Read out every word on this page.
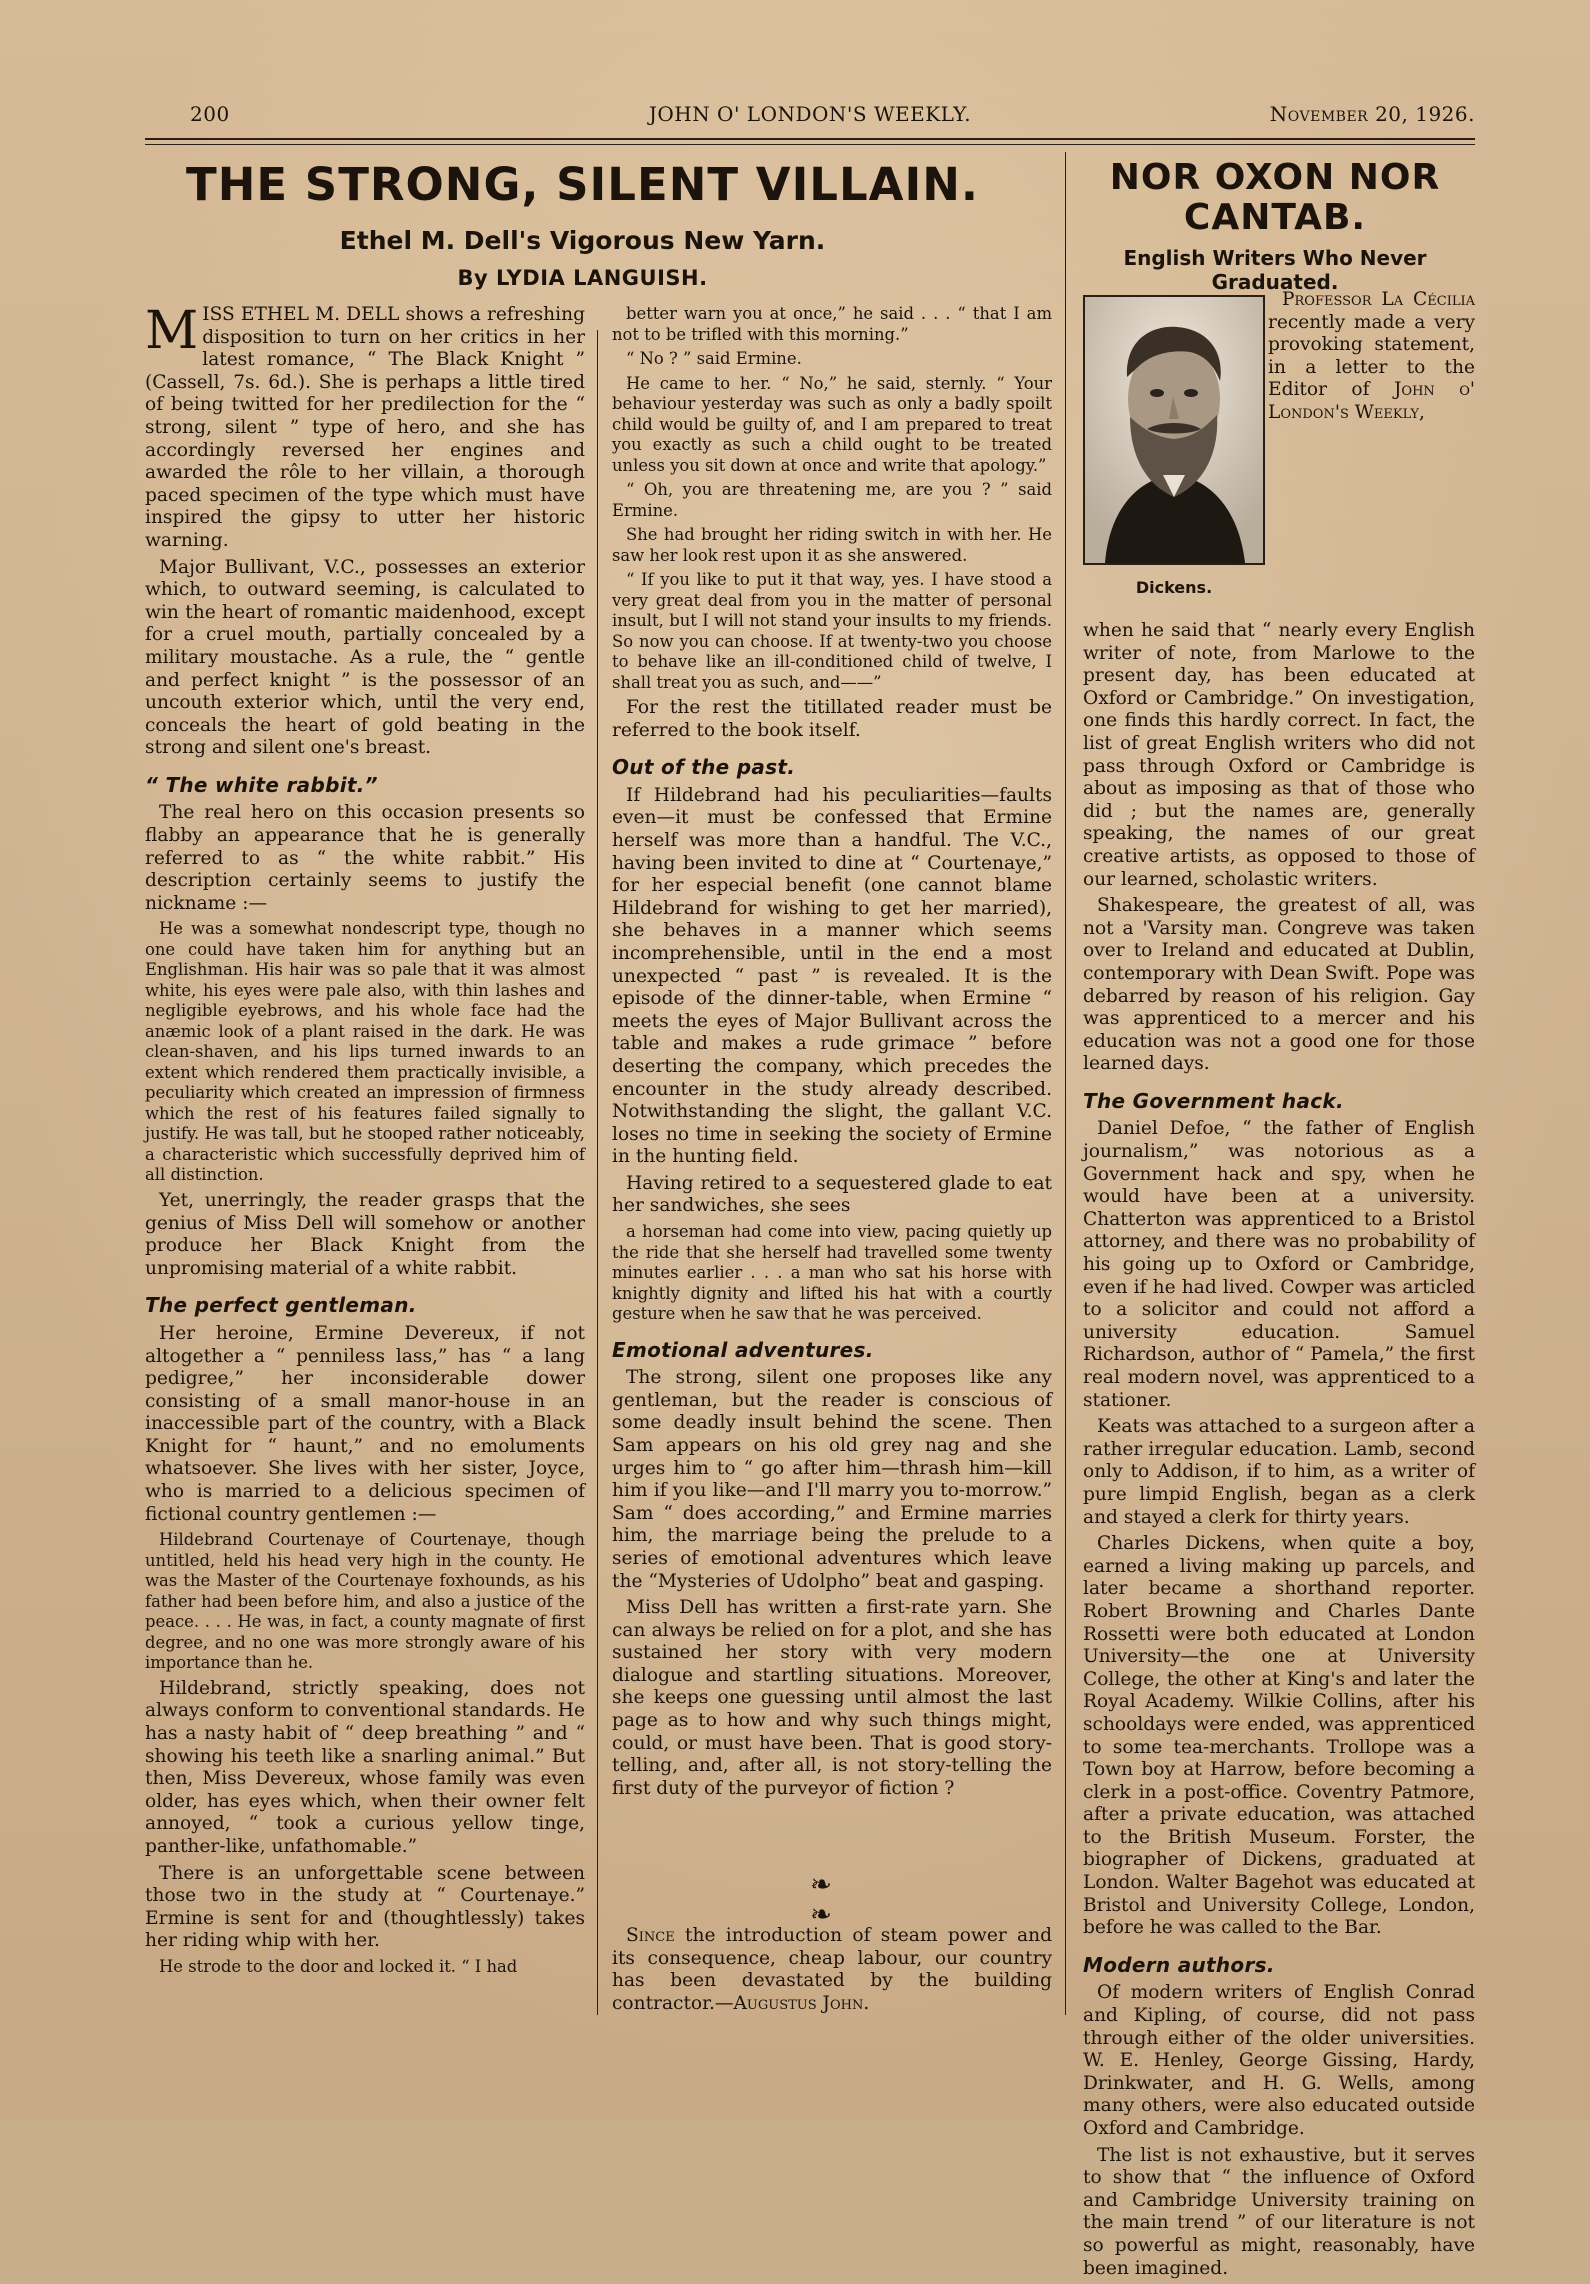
200	JOHN O' LONDON'S WEEKLY.	November 20, 1926.
THE STRONG, SILENT VILLAIN.
Ethel M. Dell's Vigorous New Yarn.
By LYDIA LANGUISH.

MISS ETHEL M. DELL shows a refreshing disposition to turn on her critics in her latest romance, “ The Black Knight ” (Cassell, 7s. 6d.). She is perhaps a little tired of being twitted for her predilection for the “ strong, silent ” type of hero, and she has accordingly reversed her engines and awarded the rôle to her villain, a thorough paced specimen of the type which must have inspired the gipsy to utter her historic warning.

Major Bullivant, V.C., possesses an exterior which, to outward seeming, is calculated to win the heart of romantic maidenhood, except for a cruel mouth, partially concealed by a military moustache. As a rule, the “ gentle and perfect knight ” is the possessor of an uncouth exterior which, until the very end, conceals the heart of gold beating in the strong and silent one's breast.

“ The white rabbit.”

The real hero on this occasion presents so flabby an appearance that he is generally referred to as “ the white rabbit.” His description certainly seems to justify the nickname :—

He was a somewhat nondescript type, though no one could have taken him for anything but an Englishman. His hair was so pale that it was almost white, his eyes were pale also, with thin lashes and negligible eyebrows, and his whole face had the anæmic look of a plant raised in the dark. He was clean-shaven, and his lips turned inwards to an extent which rendered them practically invisible, a peculiarity which created an impression of firmness which the rest of his features failed signally to justify. He was tall, but he stooped rather noticeably, a characteristic which successfully deprived him of all distinction.

Yet, unerringly, the reader grasps that the genius of Miss Dell will somehow or another produce her Black Knight from the unpromising material of a white rabbit.

The perfect gentleman.

Her heroine, Ermine Devereux, if not altogether a “ penniless lass,” has “ a lang pedigree,” her inconsiderable dower consisting of a small manor-house in an inaccessible part of the country, with a Black Knight for “ haunt,” and no emoluments whatsoever. She lives with her sister, Joyce, who is married to a delicious specimen of fictional country gentlemen :—

Hildebrand Courtenaye of Courtenaye, though untitled, held his head very high in the county. He was the Master of the Courtenaye foxhounds, as his father had been before him, and also a justice of the peace. . . . He was, in fact, a county magnate of first degree, and no one was more strongly aware of his importance than he.

Hildebrand, strictly speaking, does not always conform to conventional standards. He has a nasty habit of “ deep breathing ” and “ showing his teeth like a snarling animal.” But then, Miss Devereux, whose family was even older, has eyes which, when their owner felt annoyed, “ took a curious yellow tinge, panther-like, unfathomable.”

There is an unforgettable scene between those two in the study at “ Courtenaye.” Ermine is sent for and (thoughtlessly) takes her riding whip with her.

He strode to the door and locked it. “ I had

better warn you at once,” he said . . . “ that I am not to be trifled with this morning.”

“ No ? ” said Ermine.

He came to her. “ No,” he said, sternly. “ Your behaviour yesterday was such as only a badly spoilt child would be guilty of, and I am prepared to treat you exactly as such a child ought to be treated unless you sit down at once and write that apology.”

“ Oh, you are threatening me, are you ? ” said Ermine.

She had brought her riding switch in with her. He saw her look rest upon it as she answered.

“ If you like to put it that way, yes. I have stood a very great deal from you in the matter of personal insult, but I will not stand your insults to my friends. So now you can choose. If at twenty-two you choose to behave like an ill-conditioned child of twelve, I shall treat you as such, and——”

For the rest the titillated reader must be referred to the book itself.

Out of the past.

If Hildebrand had his peculiarities—faults even—it must be confessed that Ermine herself was more than a handful. The V.C., having been invited to dine at “ Courtenaye,” for her especial benefit (one cannot blame Hildebrand for wishing to get her married), she behaves in a manner which seems incomprehensible, until in the end a most unexpected “ past ” is revealed. It is the episode of the dinner-table, when Ermine “ meets the eyes of Major Bullivant across the table and makes a rude grimace ” before deserting the company, which precedes the encounter in the study already described. Notwithstanding the slight, the gallant V.C. loses no time in seeking the society of Ermine in the hunting field.

Having retired to a sequestered glade to eat her sandwiches, she sees

a horseman had come into view, pacing quietly up the ride that she herself had travelled some twenty minutes earlier . . . a man who sat his horse with knightly dignity and lifted his hat with a courtly gesture when he saw that he was perceived.

Emotional adventures.

The strong, silent one proposes like any gentleman, but the reader is conscious of some deadly insult behind the scene. Then Sam appears on his old grey nag and she urges him to “ go after him—thrash him—kill him if you like—and I'll marry you to-morrow.” Sam “ does according,” and Ermine marries him, the marriage being the prelude to a series of emotional adventures which leave the “Mysteries of Udolpho” beat and gasping.

Miss Dell has written a first-rate yarn. She can always be relied on for a plot, and she has sustained her story with very modern dialogue and startling situations. Moreover, she keeps one guessing until almost the last page as to how and why such things might, could, or must have been. That is good story-telling, and, after all, is not story-telling the first duty of the purveyor of fiction ?

❧ ❧

Since the introduction of steam power and its consequence, cheap labour, our country has been devastated by the building contractor.—Augustus John.

NOR OXON NOR CANTAB.
English Writers Who Never Graduated.
Dickens.

Professor La Cécilia recently made a very provoking statement, in a letter to the Editor of John o' London's Weekly,

when he said that “ nearly every English writer of note, from Marlowe to the present day, has been educated at Oxford or Cambridge.” On investigation, one finds this hardly correct. In fact, the list of great English writers who did not pass through Oxford or Cambridge is about as imposing as that of those who did ; but the names are, generally speaking, the names of our great creative artists, as opposed to those of our learned, scholastic writers.

Shakespeare, the greatest of all, was not a 'Varsity man. Congreve was taken over to Ireland and educated at Dublin, contemporary with Dean Swift. Pope was debarred by reason of his religion. Gay was apprenticed to a mercer and his education was not a good one for those learned days.

The Government hack.

Daniel Defoe, “ the father of English journalism,” was notorious as a Government hack and spy, when he would have been at a university. Chatterton was apprenticed to a Bristol attorney, and there was no probability of his going up to Oxford or Cambridge, even if he had lived. Cowper was articled to a solicitor and could not afford a university education. Samuel Richardson, author of “ Pamela,” the first real modern novel, was apprenticed to a stationer.

Keats was attached to a surgeon after a rather irregular education. Lamb, second only to Addison, if to him, as a writer of pure limpid English, began as a clerk and stayed a clerk for thirty years.

Charles Dickens, when quite a boy, earned a living making up parcels, and later became a shorthand reporter. Robert Browning and Charles Dante Rossetti were both educated at London University—the one at University College, the other at King's and later the Royal Academy. Wilkie Collins, after his schooldays were ended, was apprenticed to some tea-merchants. Trollope was a Town boy at Harrow, before becoming a clerk in a post-office. Coventry Patmore, after a private education, was attached to the British Museum. Forster, the biographer of Dickens, graduated at London. Walter Bagehot was educated at Bristol and University College, London, before he was called to the Bar.

Modern authors.

Of modern writers of English Conrad and Kipling, of course, did not pass through either of the older universities. W. E. Henley, George Gissing, Hardy, Drinkwater, and H. G. Wells, among many others, were also educated outside Oxford and Cambridge.

The list is not exhaustive, but it serves to show that “ the influence of Oxford and Cambridge University training on the main trend ” of our literature is not so powerful as might, reasonably, have been imagined.
